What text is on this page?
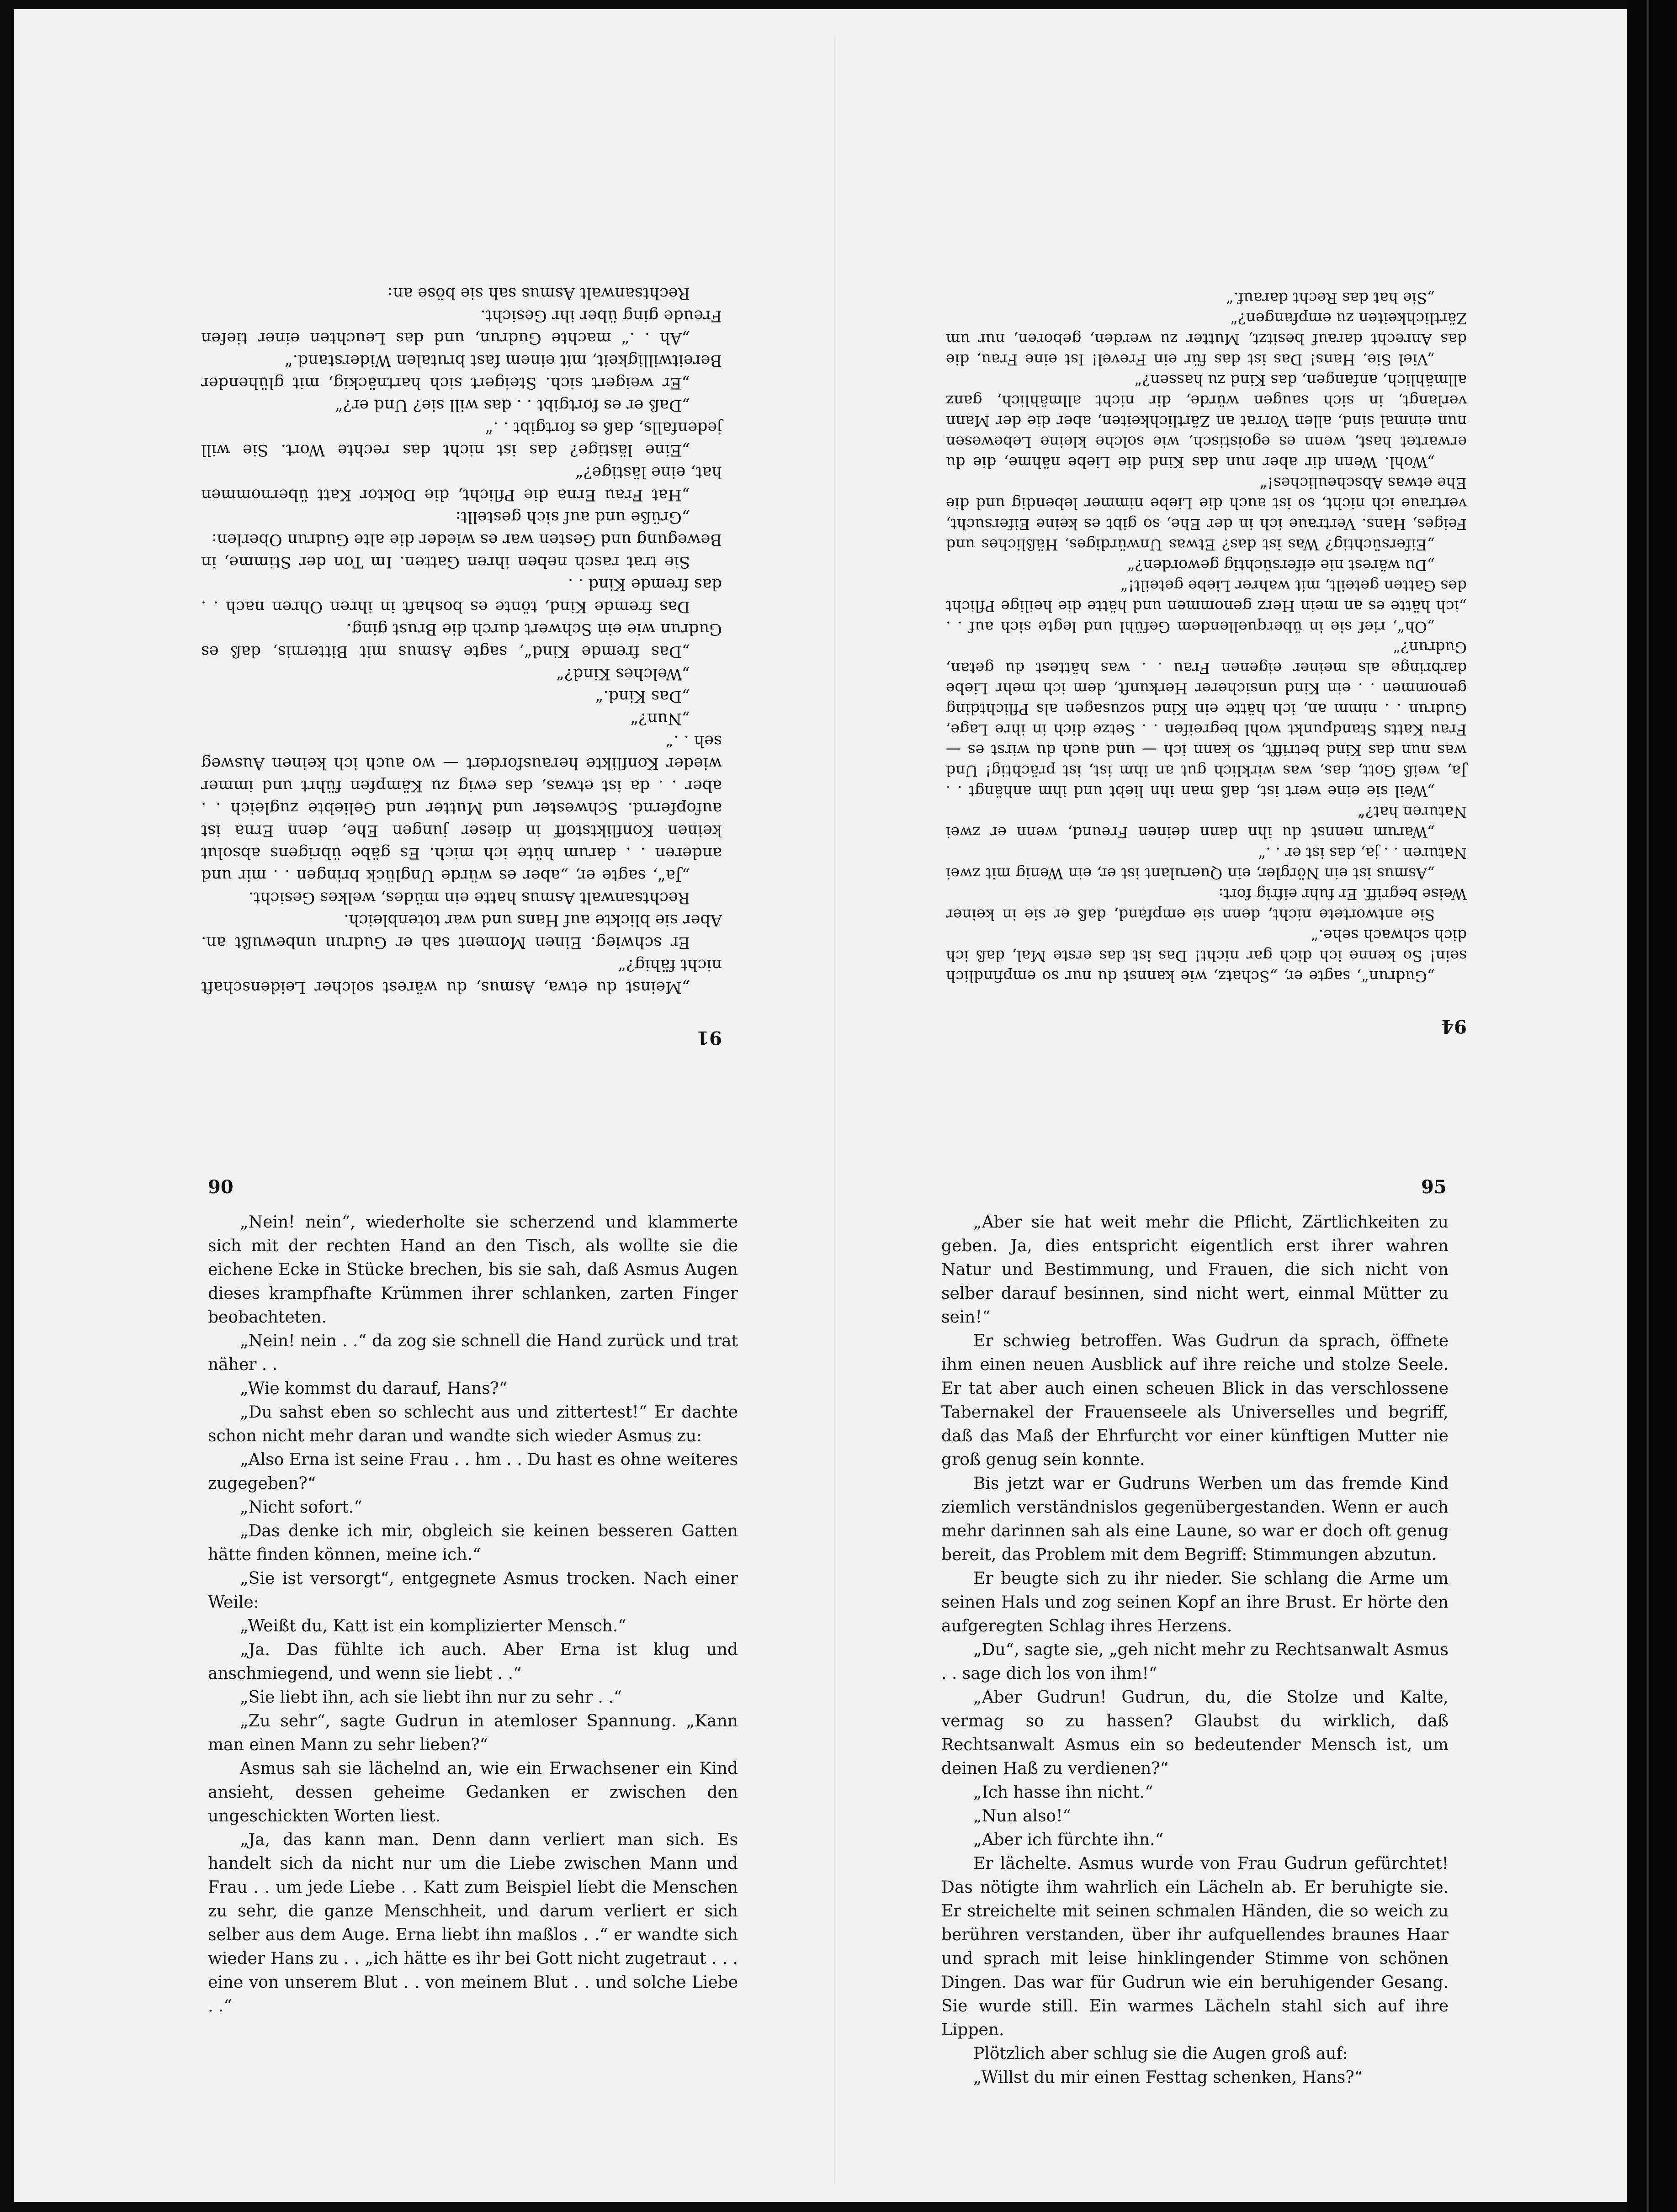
91

„Meinst du etwa, Asmus, du wärest solcher Leidenschaft nicht fähig?“

Er schwieg. Einen Moment sah er Gudrun unbewußt an. Aber sie blickte auf Hans und war totenbleich.

Rechtsanwalt Asmus hatte ein müdes, welkes Gesicht.

„Ja“, sagte er, „aber es würde Unglück bringen . . mir und anderen . . darum hüte ich mich. Es gäbe übrigens absolut keinen Konfliktstoff in dieser jungen Ehe, denn Erna ist aufopfernd. Schwester und Mutter und Geliebte zugleich . . aber . . da ist etwas, das ewig zu Kämpfen führt und immer wieder Konflikte herausfordert — wo auch ich keinen Ausweg seh . .“

„Nun?“

„Das Kind.“

„Welches Kind?“

„Das fremde Kind“, sagte Asmus mit Bitternis, daß es Gudrun wie ein Schwert durch die Brust ging.

Das fremde Kind, tönte es boshaft in ihren Ohren nach . . das fremde Kind . .

Sie trat rasch neben ihren Gatten. Im Ton der Stimme, in Bewegung und Gesten war es wieder die alte Gudrun Oberlen:

„Grüße und auf sich gestellt:

„Hat Frau Erna die Pflicht, die Doktor Katt übernommen hat, eine lästige?“

„Eine lästige? das ist nicht das rechte Wort. Sie will jedenfalls, daß es fortgibt . .“

„Daß er es fortgibt . . das will sie? Und er?“

„Er weigert sich. Steigert sich hartnäckig, mit glühender Bereitwilligkeit, mit einem fast brutalen Widerstand.“

„Ah . .“ machte Gudrun, und das Leuchten einer tiefen Freude ging über ihr Gesicht.

Rechtsanwalt Asmus sah sie böse an:

94

„Gudrun“, sagte er, „Schatz, wie kannst du nur so empfindlich sein! So kenne ich dich gar nicht! Das ist das erste Mal, daß ich dich schwach sehe.“

Sie antwortete nicht, denn sie empfand, daß er sie in keiner Weise begriff. Er fuhr eifrig fort:

„Asmus ist ein Nörgler, ein Querulant ist er, ein Wenig mit zwei Naturen . . ja, das ist er . .“

„Warum nennst du ihn dann deinen Freund, wenn er zwei Naturen hat?“

„Weil sie eine wert ist, daß man ihn liebt und ihm anhängt . . Ja, weiß Gott, das, was wirklich gut an ihm ist, ist prächtig! Und was nun das Kind betrifft, so kann ich — und auch du wirst es — Frau Katts Standpunkt wohl begreifen . . Setze dich in ihre Lage, Gudrun . . nimm an, ich hätte ein Kind sozusagen als Pflichtding genommen . . ein Kind unsicherer Herkunft, dem ich mehr Liebe darbringe als meiner eigenen Frau . . was hättest du getan, Gudrun?“

„Oh“, rief sie in überquellendem Gefühl und legte sich auf . . „ich hätte es an mein Herz genommen und hätte die heilige Pflicht des Gatten geteilt, mit wahrer Liebe geteilt!“

„Du wärest nie eifersüchtig geworden?“

„Eifersüchtig? Was ist das? Etwas Unwürdiges, Häßliches und Feiges, Hans. Vertraue ich in der Ehe, so gibt es keine Eifersucht, vertraue ich nicht, so ist auch die Liebe nimmer lebendig und die Ehe etwas Abscheuliches!“

„Wohl. Wenn dir aber nun das Kind die Liebe nähme, die du erwartet hast, wenn es egoistisch, wie solche kleine Lebewesen nun einmal sind, allen Vorrat an Zärtlichkeiten, aber die der Mann verlangt, in sich saugen würde, dir nicht allmählich, ganz allmählich, anfangen, das Kind zu hassen?“

„Viel Sie, Hans! Das ist das für ein Frevel! Ist eine Frau, die das Anrecht darauf besitzt, Mutter zu werden, geboren, nur um Zärtlichkeiten zu empfangen?“

„Sie hat das Recht darauf.“

90

„Nein! nein“, wiederholte sie scherzend und klammerte sich mit der rechten Hand an den Tisch, als wollte sie die eichene Ecke in Stücke brechen, bis sie sah, daß Asmus Augen dieses krampfhafte Krümmen ihrer schlanken, zarten Finger beobachteten.

„Nein! nein . .“ da zog sie schnell die Hand zurück und trat näher . .

„Wie kommst du darauf, Hans?“

„Du sahst eben so schlecht aus und zittertest!“ Er dachte schon nicht mehr daran und wandte sich wieder Asmus zu:

„Also Erna ist seine Frau . . hm . . Du hast es ohne weiteres zugegeben?“

„Nicht sofort.“

„Das denke ich mir, obgleich sie keinen besseren Gatten hätte finden können, meine ich.“

„Sie ist versorgt“, entgegnete Asmus trocken. Nach einer Weile:

„Weißt du, Katt ist ein komplizierter Mensch.“

„Ja. Das fühlte ich auch. Aber Erna ist klug und anschmiegend, und wenn sie liebt . .“

„Sie liebt ihn, ach sie liebt ihn nur zu sehr . .“

„Zu sehr“, sagte Gudrun in atemloser Spannung. „Kann man einen Mann zu sehr lieben?“

Asmus sah sie lächelnd an, wie ein Erwachsener ein Kind ansieht, dessen geheime Gedanken er zwischen den ungeschickten Worten liest.

„Ja, das kann man. Denn dann verliert man sich. Es handelt sich da nicht nur um die Liebe zwischen Mann und Frau . . um jede Liebe . . Katt zum Beispiel liebt die Menschen zu sehr, die ganze Menschheit, und darum verliert er sich selber aus dem Auge. Erna liebt ihn maßlos . .“ er wandte sich wieder Hans zu . . „ich hätte es ihr bei Gott nicht zugetraut . . . eine von unserem Blut . . von meinem Blut . . und solche Liebe . .“

95

„Aber sie hat weit mehr die Pflicht, Zärtlichkeiten zu geben. Ja, dies entspricht eigentlich erst ihrer wahren Natur und Bestimmung, und Frauen, die sich nicht von selber darauf besinnen, sind nicht wert, einmal Mütter zu sein!“

Er schwieg betroffen. Was Gudrun da sprach, öffnete ihm einen neuen Ausblick auf ihre reiche und stolze Seele. Er tat aber auch einen scheuen Blick in das verschlossene Tabernakel der Frauenseele als Universelles und begriff, daß das Maß der Ehrfurcht vor einer künftigen Mutter nie groß genug sein konnte.

Bis jetzt war er Gudruns Werben um das fremde Kind ziemlich verständnislos gegenübergestanden. Wenn er auch mehr darinnen sah als eine Laune, so war er doch oft genug bereit, das Problem mit dem Begriff: Stimmungen abzutun.

Er beugte sich zu ihr nieder. Sie schlang die Arme um seinen Hals und zog seinen Kopf an ihre Brust. Er hörte den aufgeregten Schlag ihres Herzens.

„Du“, sagte sie, „geh nicht mehr zu Rechtsanwalt Asmus . . sage dich los von ihm!“

„Aber Gudrun! Gudrun, du, die Stolze und Kalte, vermag so zu hassen? Glaubst du wirklich, daß Rechtsanwalt Asmus ein so bedeutender Mensch ist, um deinen Haß zu verdienen?“

„Ich hasse ihn nicht.“

„Nun also!“

„Aber ich fürchte ihn.“

Er lächelte. Asmus wurde von Frau Gudrun gefürchtet! Das nötigte ihm wahrlich ein Lächeln ab. Er beruhigte sie. Er streichelte mit seinen schmalen Händen, die so weich zu berühren verstanden, über ihr aufquellendes braunes Haar und sprach mit leise hinklingender Stimme von schönen Dingen. Das war für Gudrun wie ein beruhigender Gesang. Sie wurde still. Ein warmes Lächeln stahl sich auf ihre Lippen.

Plötzlich aber schlug sie die Augen groß auf:

„Willst du mir einen Festtag schenken, Hans?“
